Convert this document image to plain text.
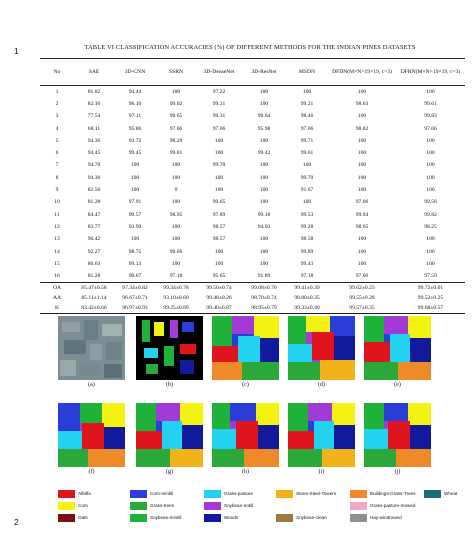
1
2
TABLE VI CLASSIFICATION ACCURACIES (%) OF DIFFERENT METHODS FOR THE INDIAN PINES DATASETS
No	SAE	3D-CNN	SSRN	3D-DenseNet	3D-ResNet	MSDN	DFDN(M×N=19×19, c=3)	DFRN(M×N=19×19, c=3)
1	81.82	94.44	100	97.22	100	100	100	100
2	82.16	96.10	99.02	99.31	100	99.21	98.63	99.61
3	77.54	97.11	99.65	99.31	99.64	98.46	100	99.83
4	68.11	95.86	97.06	97.66	95.98	97.66	98.82	97.66
5	94.36	93.72	98.29	100	100	99.71	100	100
6	94.45	99.45	99.81	100	99.42	99.61	100	100
7	94.70	100	100	99.70	100	100	100	100
8	94.36	100	100	100	100	99.70	100	100
9	82.56	100	0	100	100	91.67	100	100
10	81.28	97.91	100	99.65	100	100	97.06	99.56
11	84.47	99.57	98.95	97.89	99.18	99.53	99.94	99.82
12	83.77	93.99	100	98.57	94.93	99.28	98.65	98.25
13	96.42	100	100	98.57	100	98.58	100	100
14	92.27	98.75	99.66	100	100	99.89	100	100
15	80.63	99.13	100	100	100	99.43	100	100
16	81.28	90.67	97.18	95.65	91.89	97.18	97.06	97.59
OA	85.47±0.58	97.34±0.82	99.34±0.78	99.50±0.74	99.08±0.70	99.41±0.39	99.62±0.23	99.72±0.01
AA	85.11±1.14	96.67±0.71	93.10±0.60	99.48±0.26	98.70±0.74	98.80±0.35	99.55±0.28	99.52±0.25
K	83.42±0.66	96.97±0.93	99.25±0.89	99.40±0.87	98.95±0.79	99.33±0.40	99.57±0.35	99.68±0.57
(a)	(b)	(c)	(d)	(e)
(f)	(g)	(h)	(i)	(j)
Alfalfa	Corn-mintill	Grass-pasture	Stone-Steel-Towers	Buildings-Grass-Trees	Wheat
Corn	Grass-trees	Soybean-notill	Grass-pasture-mowed
Oats	Soybean-mintill	Woods	Soybean-clean	Hay-windrowed
